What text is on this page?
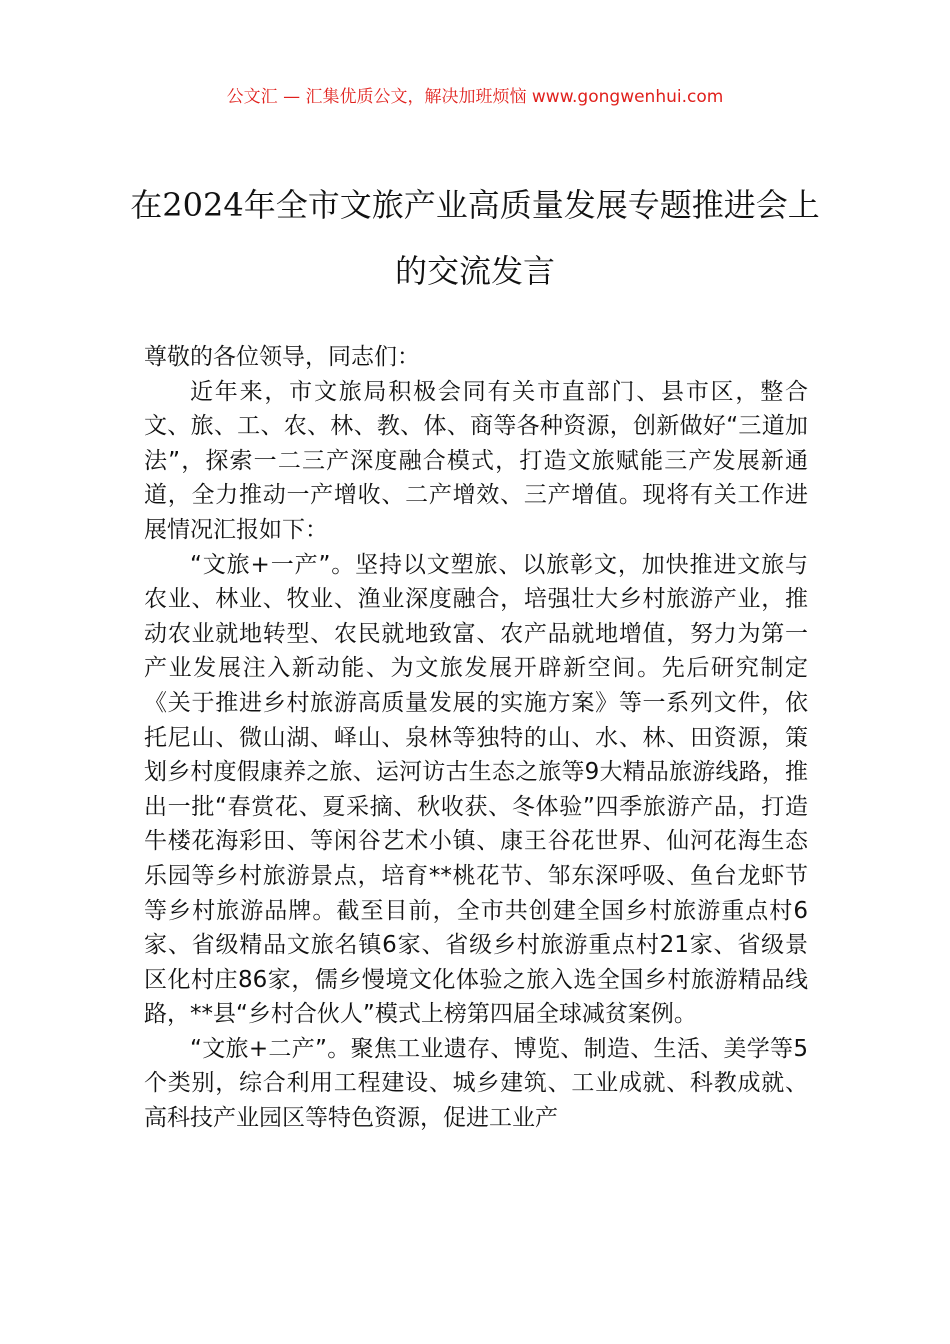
公文汇 — 汇集优质公文，解决加班烦恼 www.gongwenhui.com
在2024年全市文旅产业高质量发展专题推进会上的交流发言

尊敬的各位领导，同志们：

近年来，市文旅局积极会同有关市直部门、县市区，整合文、旅、工、农、林、教、体、商等各种资源，创新做好“三道加法”，探索一二三产深度融合模式，打造文旅赋能三产发展新通道，全力推动一产增收、二产增效、三产增值。现将有关工作进展情况汇报如下：

“文旅+一产”。坚持以文塑旅、以旅彰文，加快推进文旅与农业、林业、牧业、渔业深度融合，培强壮大乡村旅游产业，推动农业就地转型、农民就地致富、农产品就地增值，努力为第一产业发展注入新动能、为文旅发展开辟新空间。先后研究制定《关于推进乡村旅游高质量发展的实施方案》等一系列文件，依托尼山、微山湖、峄山、泉林等独特的山、水、林、田资源，策划乡村度假康养之旅、运河访古生态之旅等9大精品旅游线路，推出一批“春赏花、夏采摘、秋收获、冬体验”四季旅游产品，打造牛楼花海彩田、等闲谷艺术小镇、康王谷花世界、仙河花海生态乐园等乡村旅游景点，培育**桃花节、邹东深呼吸、鱼台龙虾节等乡村旅游品牌。截至目前，全市共创建全国乡村旅游重点村6家、省级精品文旅名镇6家、省级乡村旅游重点村21家、省级景区化村庄86家，儒乡慢境文化体验之旅入选全国乡村旅游精品线路，**县“乡村合伙人”模式上榜第四届全球减贫案例。

“文旅+二产”。聚焦工业遗存、博览、制造、生活、美学等5个类别，综合利用工程建设、城乡建筑、工业成就、科教成就、高科技产业园区等特色资源，促进工业产
